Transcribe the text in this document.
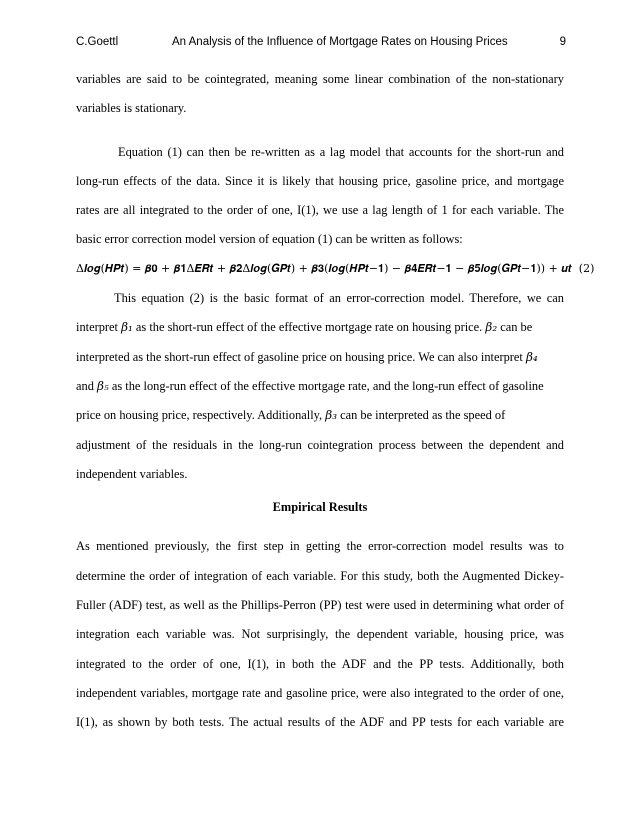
C.Goettl	An Analysis of the Influence of Mortgage Rates on Housing Prices	9
variables are said to be cointegrated, meaning some linear combination of the non-stationary
variables is stationary.
Equation (1) can then be re-written as a lag model that accounts for the short-run and
long-run effects of the data. Since it is likely that housing price, gasoline price, and mortgage
rates are all integrated to the order of one, I(1), we use a lag length of 1 for each variable. The
basic error correction model version of equation (1) can be written as follows:
Δ𝒍𝒐𝒈(𝑯𝑷𝒕) = 𝜷𝟎 + 𝜷𝟏Δ𝑬𝑹𝒕 + 𝜷𝟐Δ𝒍𝒐𝒈(𝑮𝑷𝒕) + 𝜷𝟑(𝒍𝒐𝒈(𝑯𝑷𝒕−𝟏) − 𝜷𝟒𝑬𝑹𝒕−𝟏 − 𝜷𝟓𝒍𝒐𝒈(𝑮𝑷𝒕−𝟏)) + 𝒖𝒕 (2)
This equation (2) is the basic format of an error-correction model. Therefore, we can
interpret 𝛽₁ as the short-run effect of the effective mortgage rate on housing price. 𝛽₂ can be
interpreted as the short-run effect of gasoline price on housing price. We can also interpret 𝛽₄
and 𝛽₅ as the long-run effect of the effective mortgage rate, and the long-run effect of gasoline
price on housing price, respectively. Additionally, 𝛽₃ can be interpreted as the speed of
adjustment of the residuals in the long-run cointegration process between the dependent and
independent variables.
Empirical Results
As mentioned previously, the first step in getting the error-correction model results was to
determine the order of integration of each variable. For this study, both the Augmented Dickey-
Fuller (ADF) test, as well as the Phillips-Perron (PP) test were used in determining what order of
integration each variable was. Not surprisingly, the dependent variable, housing price, was
integrated to the order of one, I(1), in both the ADF and the PP tests. Additionally, both
independent variables, mortgage rate and gasoline price, were also integrated to the order of one,
I(1), as shown by both tests. The actual results of the ADF and PP tests for each variable are
